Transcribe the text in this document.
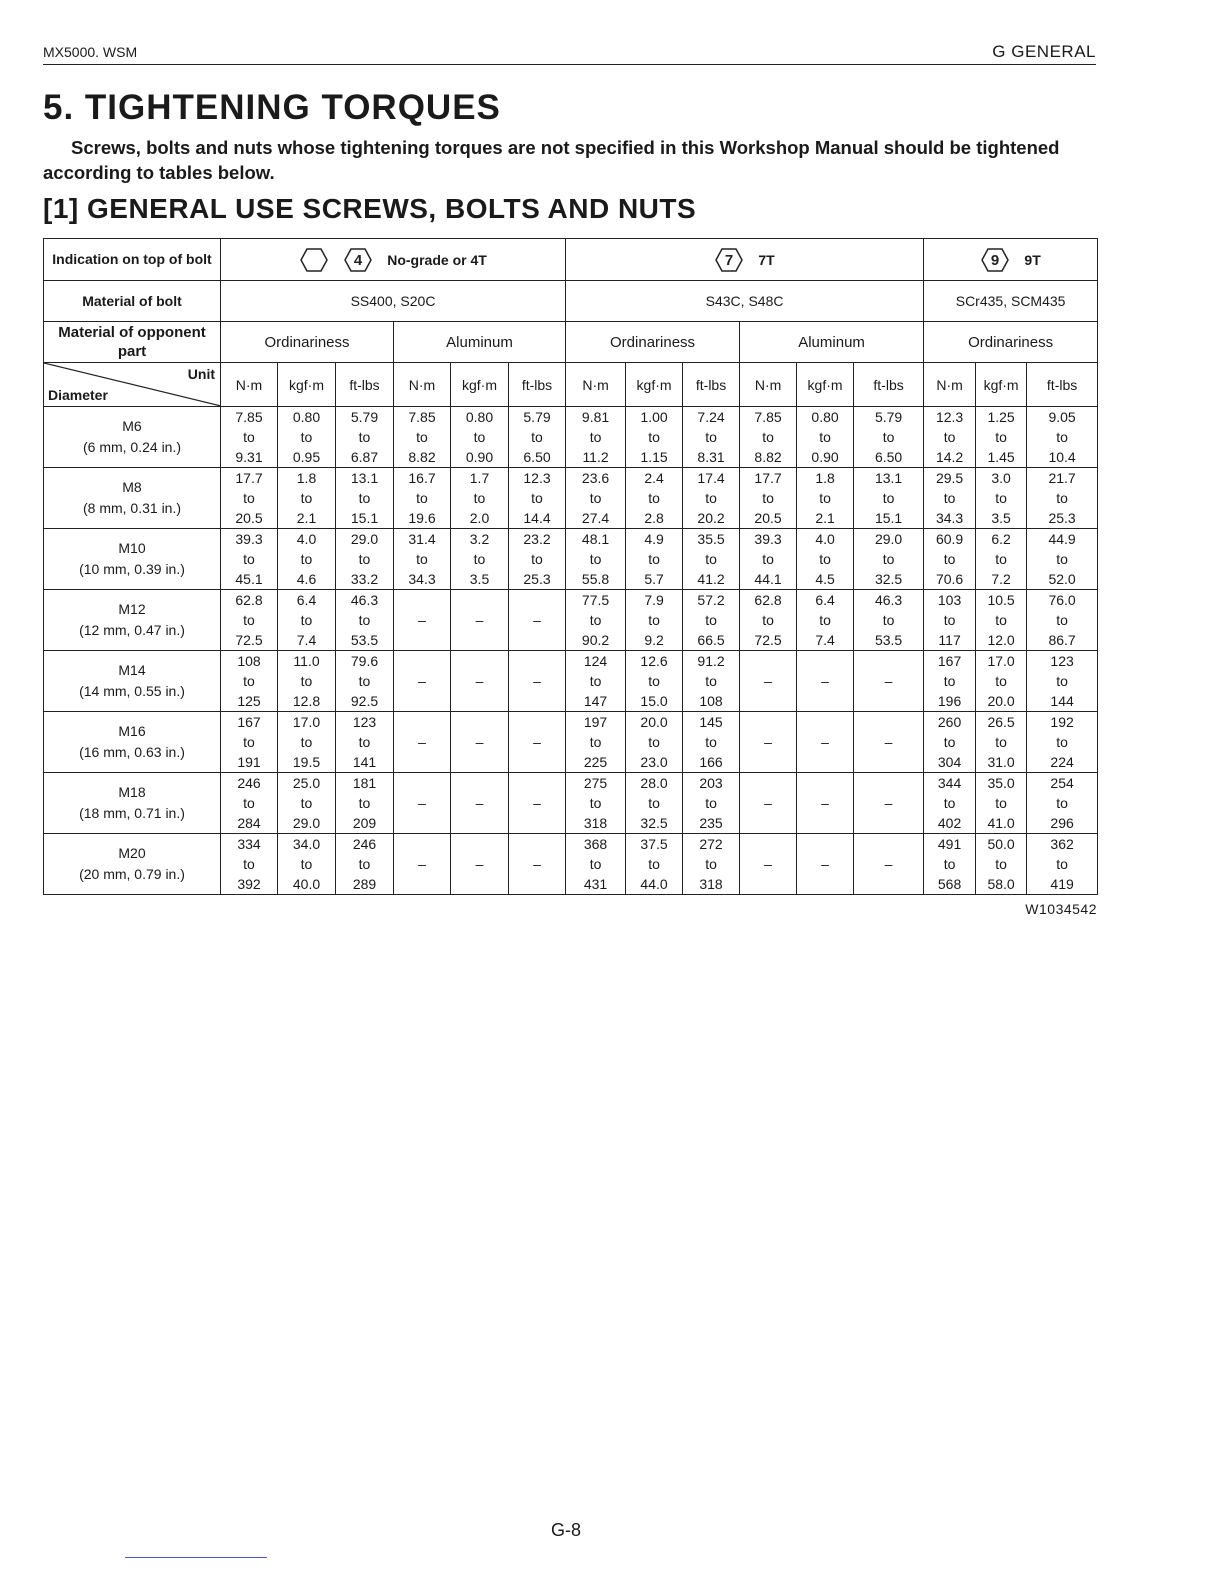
MX5000. WSM	G GENERAL
5. TIGHTENING TORQUES

Screws, bolts and nuts whose tightening torques are not specified in this Workshop Manual should be tightened according to tables below.

[1] GENERAL USE SCREWS, BOLTS AND NUTS
Indication on top of bolt	4 No-grade or 4T						7 7T						9 9T		

Material of bolt	SS400, S20C						S43C, S48C						SCr435, SCM435		
Material of opponent part	Ordinariness			Aluminum			Ordinariness			Aluminum			Ordinariness		

Unit
Diameter	N·m	kgf·m	ft-lbs	N·m	kgf·m	ft-lbs	N·m	kgf·m	ft-lbs	N·m	kgf·m	ft-lbs	N·m	kgf·m	ft-lbs

M6
(6 mm, 0.24 in.)	7.85
to
9.31	0.80
to
0.95	5.79
to
6.87	7.85
to
8.82	0.80
to
0.90	5.79
to
6.50	9.81
to
11.2	1.00
to
1.15	7.24
to
8.31	7.85
to
8.82	0.80
to
0.90	5.79
to
6.50	12.3
to
14.2	1.25
to
1.45	9.05
to
10.4

M8
(8 mm, 0.31 in.)	17.7
to
20.5	1.8
to
2.1	13.1
to
15.1	16.7
to
19.6	1.7
to
2.0	12.3
to
14.4	23.6
to
27.4	2.4
to
2.8	17.4
to
20.2	17.7
to
20.5	1.8
to
2.1	13.1
to
15.1	29.5
to
34.3	3.0
to
3.5	21.7
to
25.3

M10
(10 mm, 0.39 in.)	39.3
to
45.1	4.0
to
4.6	29.0
to
33.2	31.4
to
34.3	3.2
to
3.5	23.2
to
25.3	48.1
to
55.8	4.9
to
5.7	35.5
to
41.2	39.3
to
44.1	4.0
to
4.5	29.0
to
32.5	60.9
to
70.6	6.2
to
7.2	44.9
to
52.0

M12
(12 mm, 0.47 in.)	62.8
to
72.5	6.4
to
7.4	46.3
to
53.5	–	–	–	77.5
to
90.2	7.9
to
9.2	57.2
to
66.5	62.8
to
72.5	6.4
to
7.4	46.3
to
53.5	103
to
117	10.5
to
12.0	76.0
to
86.7

M14
(14 mm, 0.55 in.)	108
to
125	11.0
to
12.8	79.6
to
92.5	–	–	–	124
to
147	12.6
to
15.0	91.2
to
108	–	–	–	167
to
196	17.0
to
20.0	123
to
144

M16
(16 mm, 0.63 in.)	167
to
191	17.0
to
19.5	123
to
141	–	–	–	197
to
225	20.0
to
23.0	145
to
166	–	–	–	260
to
304	26.5
to
31.0	192
to
224

M18
(18 mm, 0.71 in.)	246
to
284	25.0
to
29.0	181
to
209	–	–	–	275
to
318	28.0
to
32.5	203
to
235	–	–	–	344
to
402	35.0
to
41.0	254
to
296

M20
(20 mm, 0.79 in.)	334
to
392	34.0
to
40.0	246
to
289	–	–	–	368
to
431	37.5
to
44.0	272
to
318	–	–	–	491
to
568	50.0
to
58.0	362
to
419
W1034542
G-8
